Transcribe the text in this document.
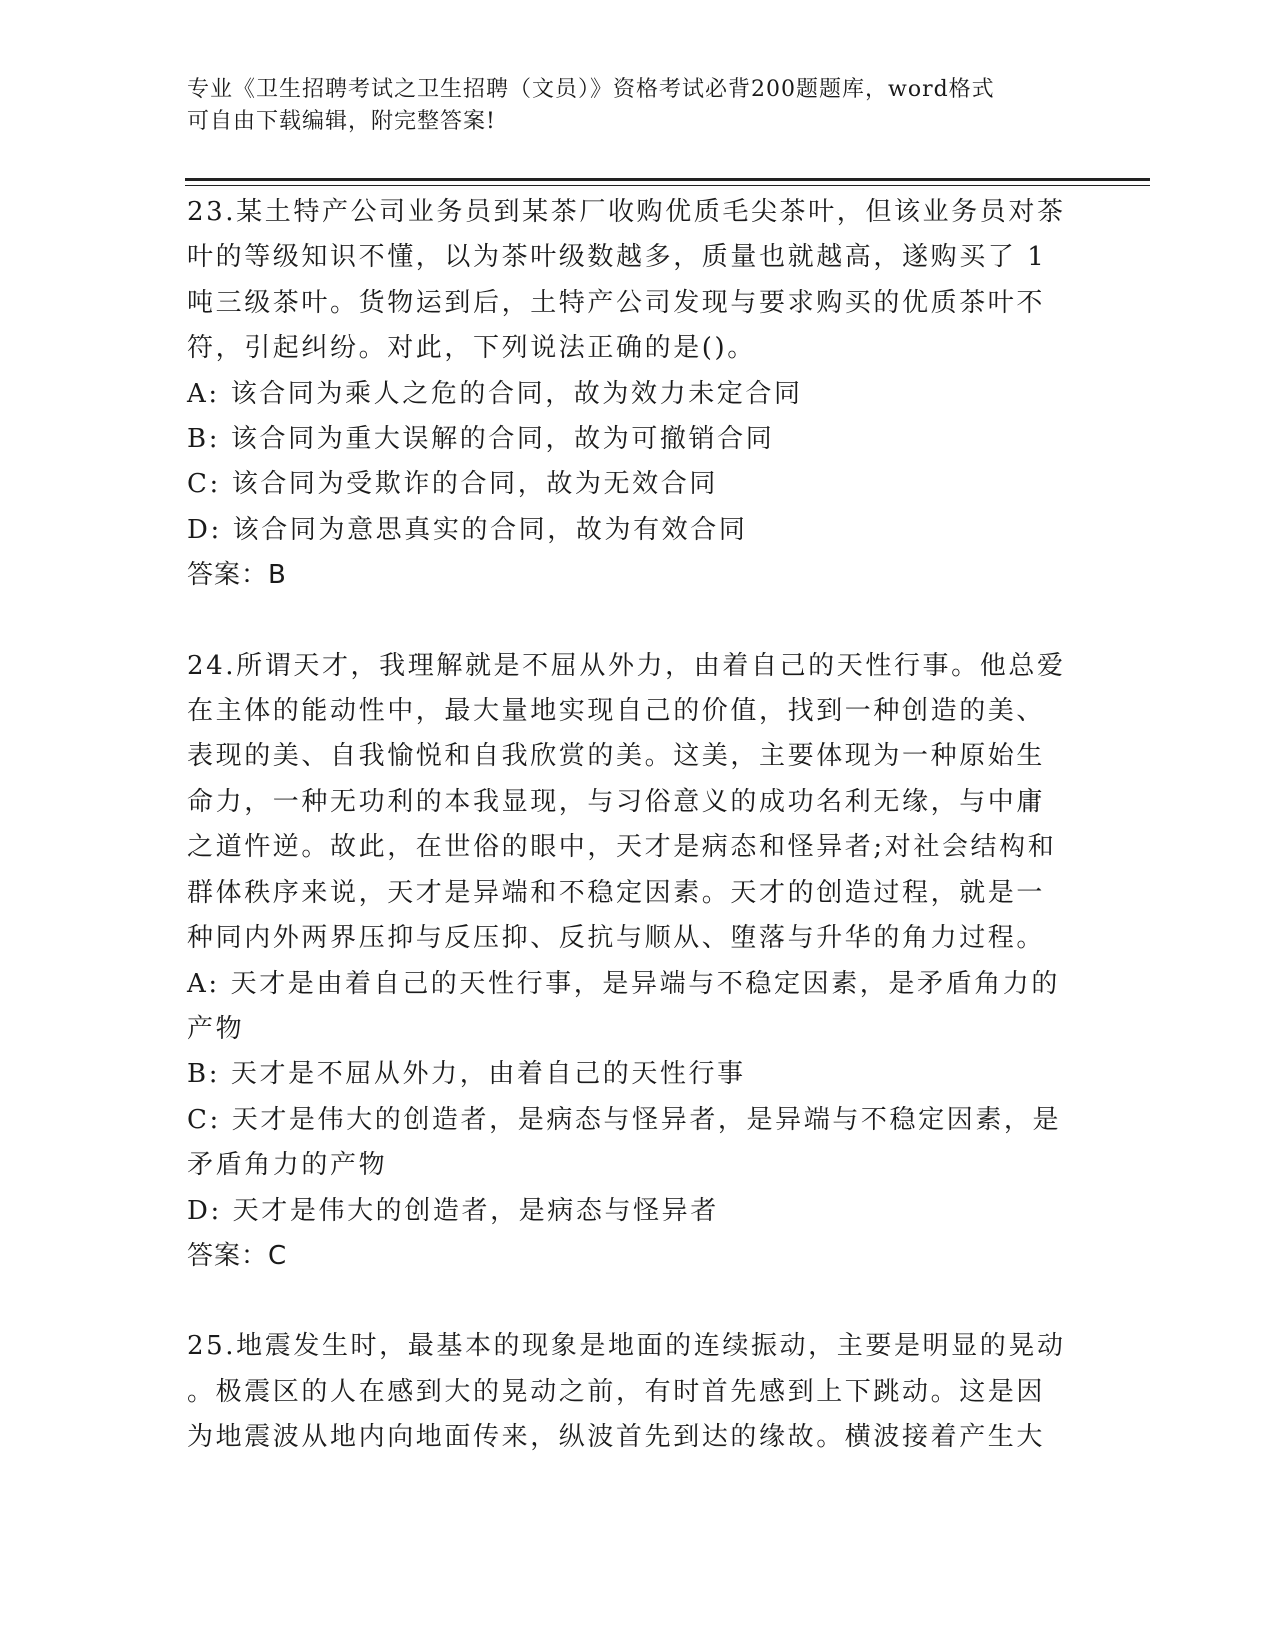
专业《卫生招聘考试之卫生招聘（文员）》资格考试必背200题题库，word格式
可自由下载编辑，附完整答案!

23.某土特产公司业务员到某茶厂收购优质毛尖茶叶，但该业务员对茶

叶的等级知识不懂，以为茶叶级数越多，质量也就越高，遂购买了 1

吨三级茶叶。货物运到后，土特产公司发现与要求购买的优质茶叶不

符，引起纠纷。对此，下列说法正确的是()。

A: 该合同为乘人之危的合同，故为效力未定合同

B: 该合同为重大误解的合同，故为可撤销合同

C: 该合同为受欺诈的合同，故为无效合同

D: 该合同为意思真实的合同，故为有效合同

答案：B

24.所谓天才，我理解就是不屈从外力，由着自己的天性行事。他总爱

在主体的能动性中，最大量地实现自己的价值，找到一种创造的美、

表现的美、自我愉悦和自我欣赏的美。这美，主要体现为一种原始生

命力，一种无功利的本我显现，与习俗意义的成功名利无缘，与中庸

之道忤逆。故此，在世俗的眼中，天才是病态和怪异者;对社会结构和

群体秩序来说，天才是异端和不稳定因素。天才的创造过程，就是一

种同内外两界压抑与反压抑、反抗与顺从、堕落与升华的角力过程。

A: 天才是由着自己的天性行事，是异端与不稳定因素，是矛盾角力的

产物

B: 天才是不屈从外力，由着自己的天性行事

C: 天才是伟大的创造者，是病态与怪异者，是异端与不稳定因素，是

矛盾角力的产物

D: 天才是伟大的创造者，是病态与怪异者

答案：C

25.地震发生时，最基本的现象是地面的连续振动，主要是明显的晃动

。极震区的人在感到大的晃动之前，有时首先感到上下跳动。这是因

为地震波从地内向地面传来，纵波首先到达的缘故。横波接着产生大
